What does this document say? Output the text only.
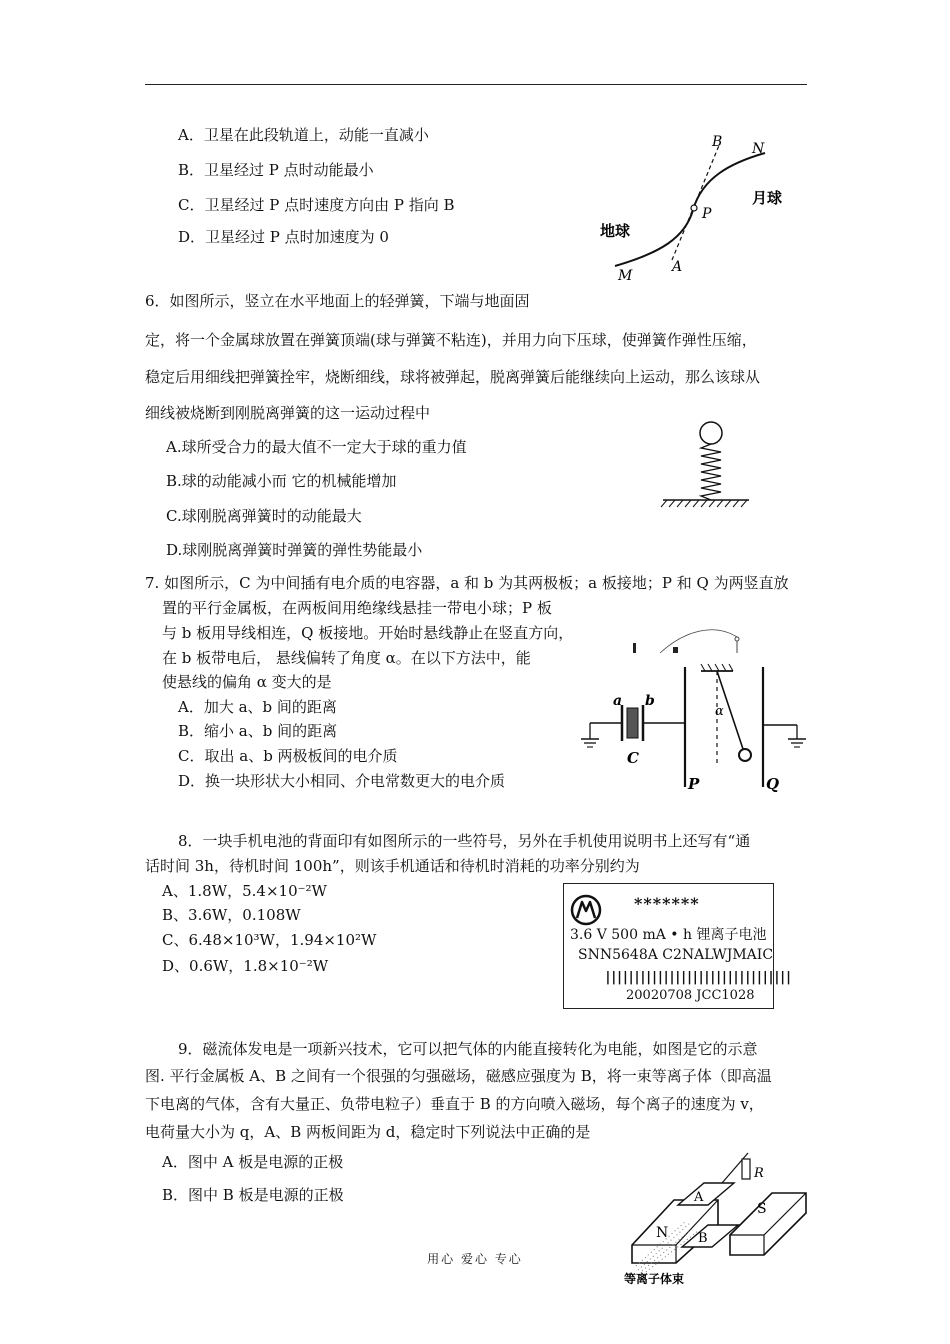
A．卫星在此段轨道上，动能一直减小
B．卫星经过 P 点时动能最小
C．卫星经过 P 点时速度方向由 P 指向 B
D．卫星经过 P 点时加速度为 0
B N
P
A
M
地球
月球
6．如图所示，竖立在水平地面上的轻弹簧，下端与地面固
定，将一个金属球放置在弹簧顶端(球与弹簧不粘连)，并用力向下压球，使弹簧作弹性压缩，
稳定后用细线把弹簧拴牢，烧断细线，球将被弹起，脱离弹簧后能继续向上运动，那么该球从
细线被烧断到刚脱离弹簧的这一运动过程中
A.球所受合力的最大值不一定大于球的重力值
B.球的动能减小而 它的机械能增加
C.球刚脱离弹簧时的动能最大
D.球刚脱离弹簧时弹簧的弹性势能最小
7. 如图所示，C 为中间插有电介质的电容器，a 和 b 为其两极板；a 板接地；P 和 Q 为两竖直放
置的平行金属板，在两板间用绝缘线悬挂一带电小球；P 板
与 b 板用导线相连，Q 板接地。开始时悬线静止在竖直方向，
在 b 板带电后， 悬线偏转了角度 α。在以下方法中，能
使悬线的偏角 α 变大的是
A．加大 a、b 间的距离
B．缩小 a、b 间的距离
C．取出 a、b 两极板间的电介质
D．换一块形状大小相同、介电常数更大的电介质
a b
C
P
α
Q
8．一块手机电池的背面印有如图所示的一些符号，另外在手机使用说明书上还写有“通
话时间 3h，待机时间 100h”，则该手机通话和待机时消耗的功率分别约为
A、1.8W，5.4×10⁻²W
B、3.6W，0.108W
C、6.48×10³W，1.94×10²W
D、0.6W，1.8×10⁻²W
*******
3.6 V 500 mA • h 锂离子电池
SNN5648A C2NALWJMAIC
||||||||||||||||||||||||||||||||
20020708 JCC1028
9．磁流体发电是一项新兴技术，它可以把气体的内能直接转化为电能，如图是它的示意
图. 平行金属板 A、B 之间有一个很强的匀强磁场，磁感应强度为 B，将一束等离子体（即高温
下电离的气体，含有大量正、负带电粒子）垂直于 B 的方向喷入磁场，每个离子的速度为 v，
电荷量大小为 q，A、B 两板间距为 d，稳定时下列说法中正确的是
A．图中 A 板是电源的正极
B．图中 B 板是电源的正极
N
S
A
B
R
等离子体束
用心 爱心 专心
